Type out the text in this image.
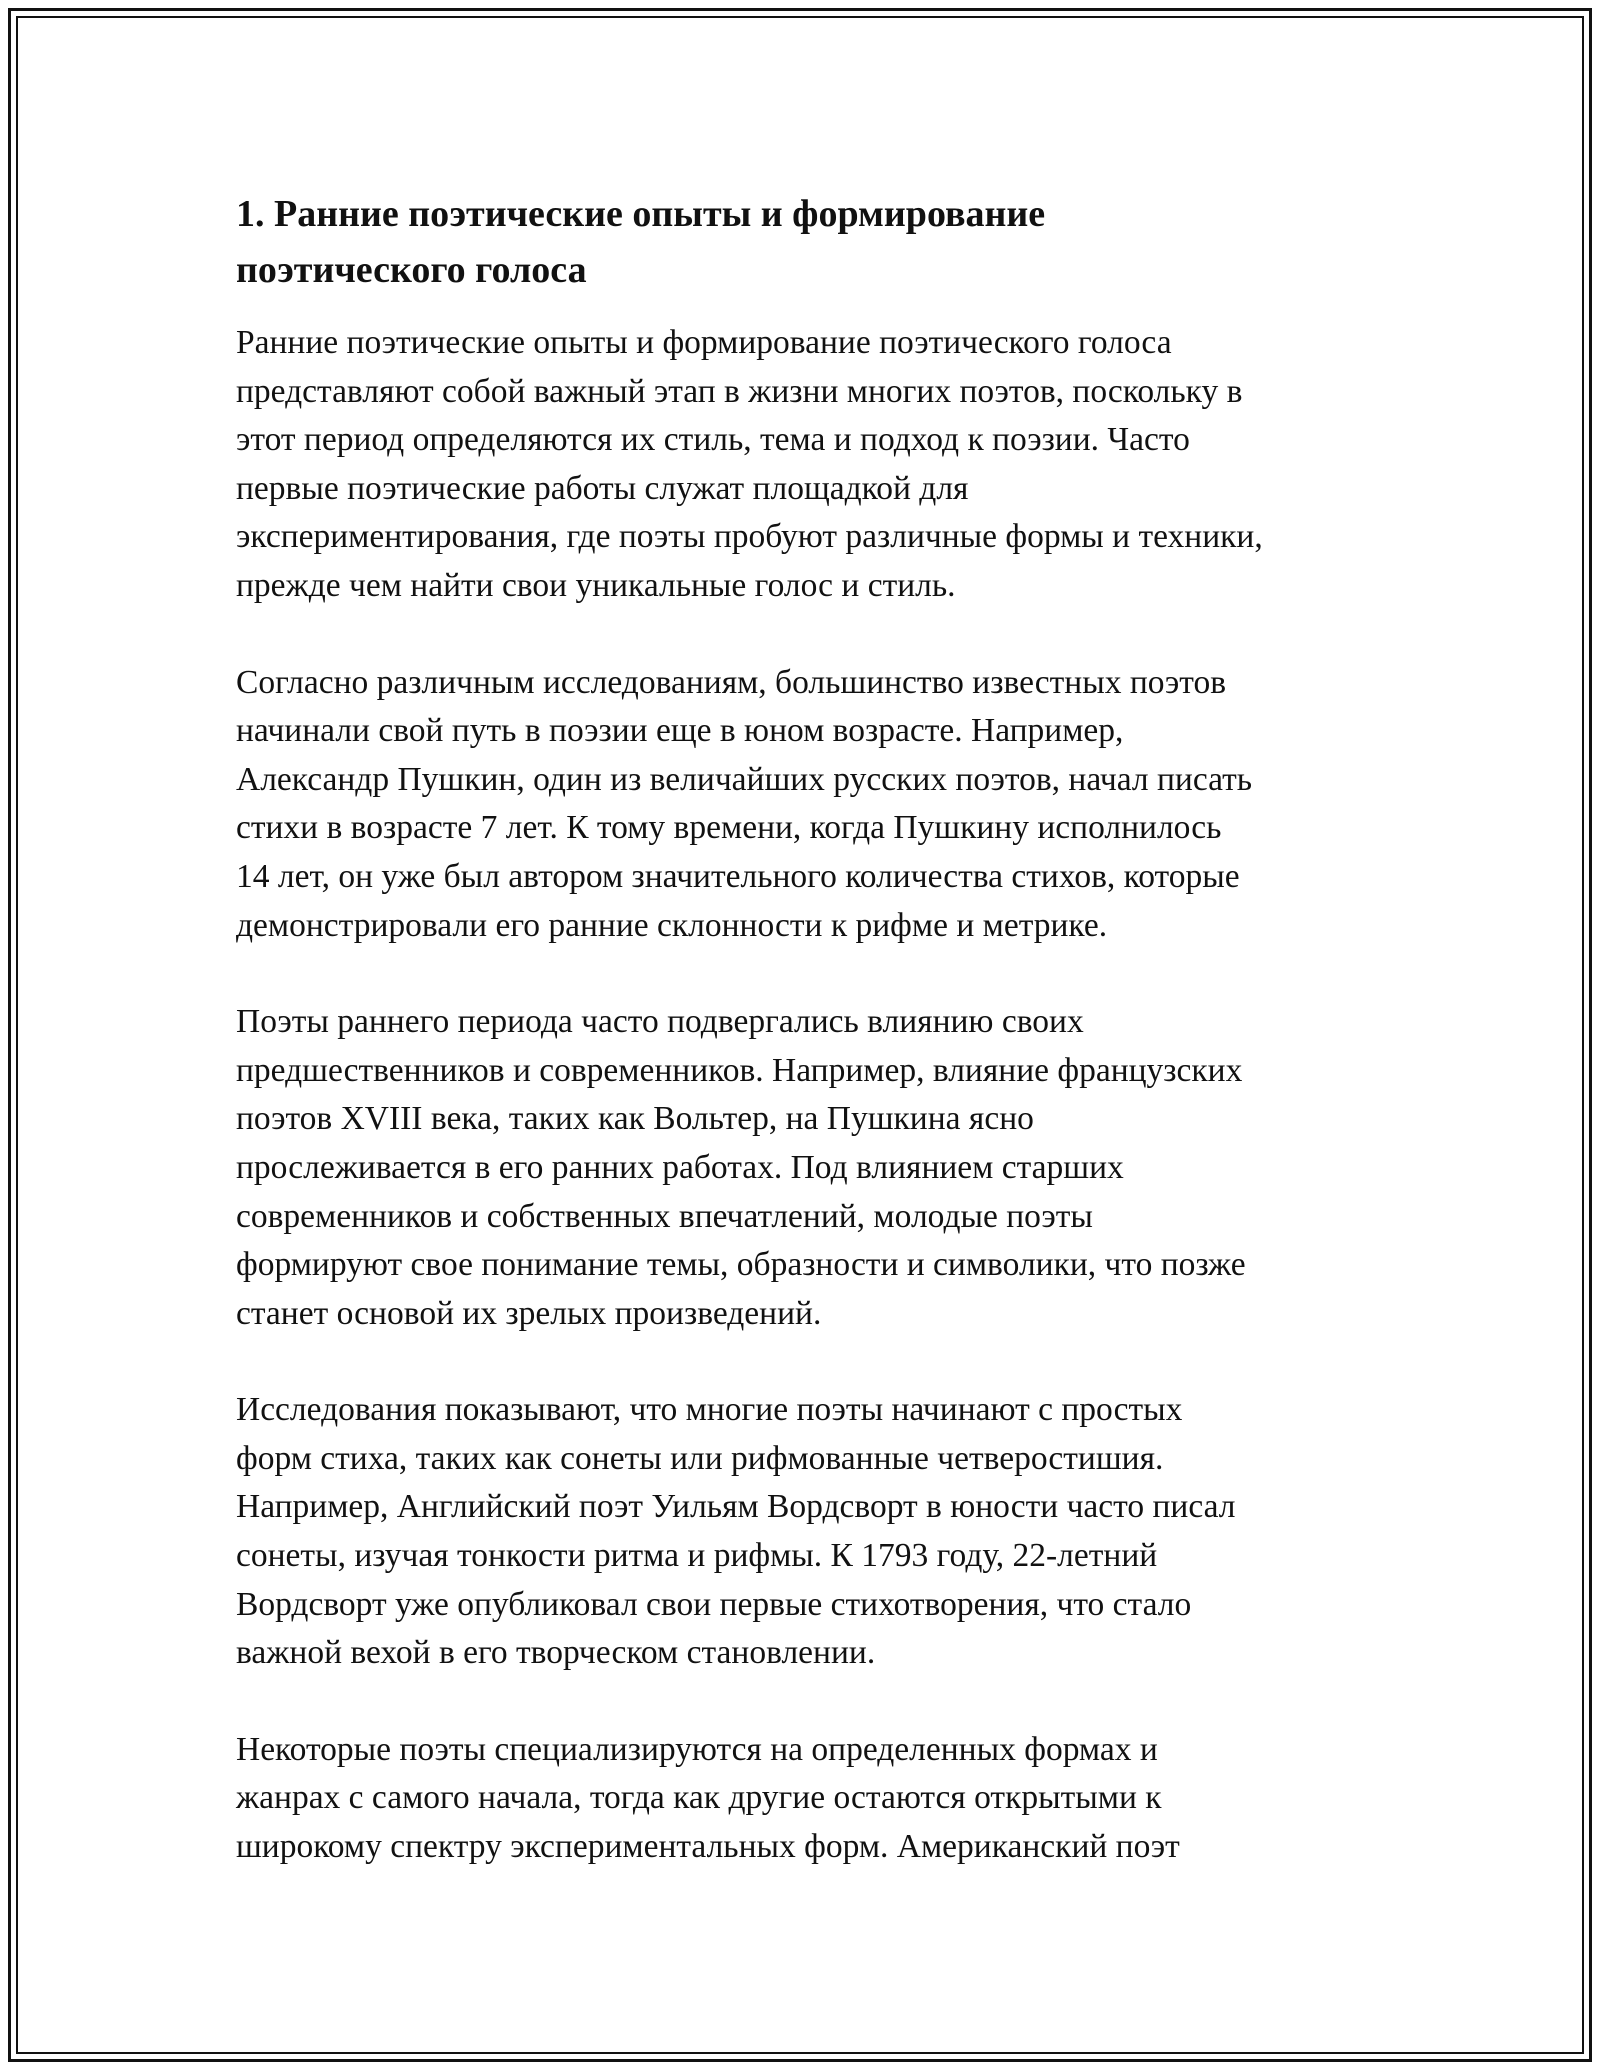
1. Ранние поэтические опыты и формирование
поэтического голоса

Ранние поэтические опыты и формирование поэтического голоса
представляют собой важный этап в жизни многих поэтов, поскольку в
этот период определяются их стиль, тема и подход к поэзии. Часто
первые поэтические работы служат площадкой для
экспериментирования, где поэты пробуют различные формы и техники,
прежде чем найти свои уникальные голос и стиль.

Согласно различным исследованиям, большинство известных поэтов
начинали свой путь в поэзии еще в юном возрасте. Например,
Александр Пушкин, один из величайших русских поэтов, начал писать
стихи в возрасте 7 лет. К тому времени, когда Пушкину исполнилось
14 лет, он уже был автором значительного количества стихов, которые
демонстрировали его ранние склонности к рифме и метрике.

Поэты раннего периода часто подвергались влиянию своих
предшественников и современников. Например, влияние французских
поэтов XVIII века, таких как Вольтер, на Пушкина ясно
прослеживается в его ранних работах. Под влиянием старших
современников и собственных впечатлений, молодые поэты
формируют свое понимание темы, образности и символики, что позже
станет основой их зрелых произведений.

Исследования показывают, что многие поэты начинают с простых
форм стиха, таких как сонеты или рифмованные четверостишия.
Например, Английский поэт Уильям Вордсворт в юности часто писал
сонеты, изучая тонкости ритма и рифмы. К 1793 году, 22-летний
Вордсворт уже опубликовал свои первые стихотворения, что стало
важной вехой в его творческом становлении.

Некоторые поэты специализируются на определенных формах и
жанрах с самого начала, тогда как другие остаются открытыми к
широкому спектру экспериментальных форм. Американский поэт
